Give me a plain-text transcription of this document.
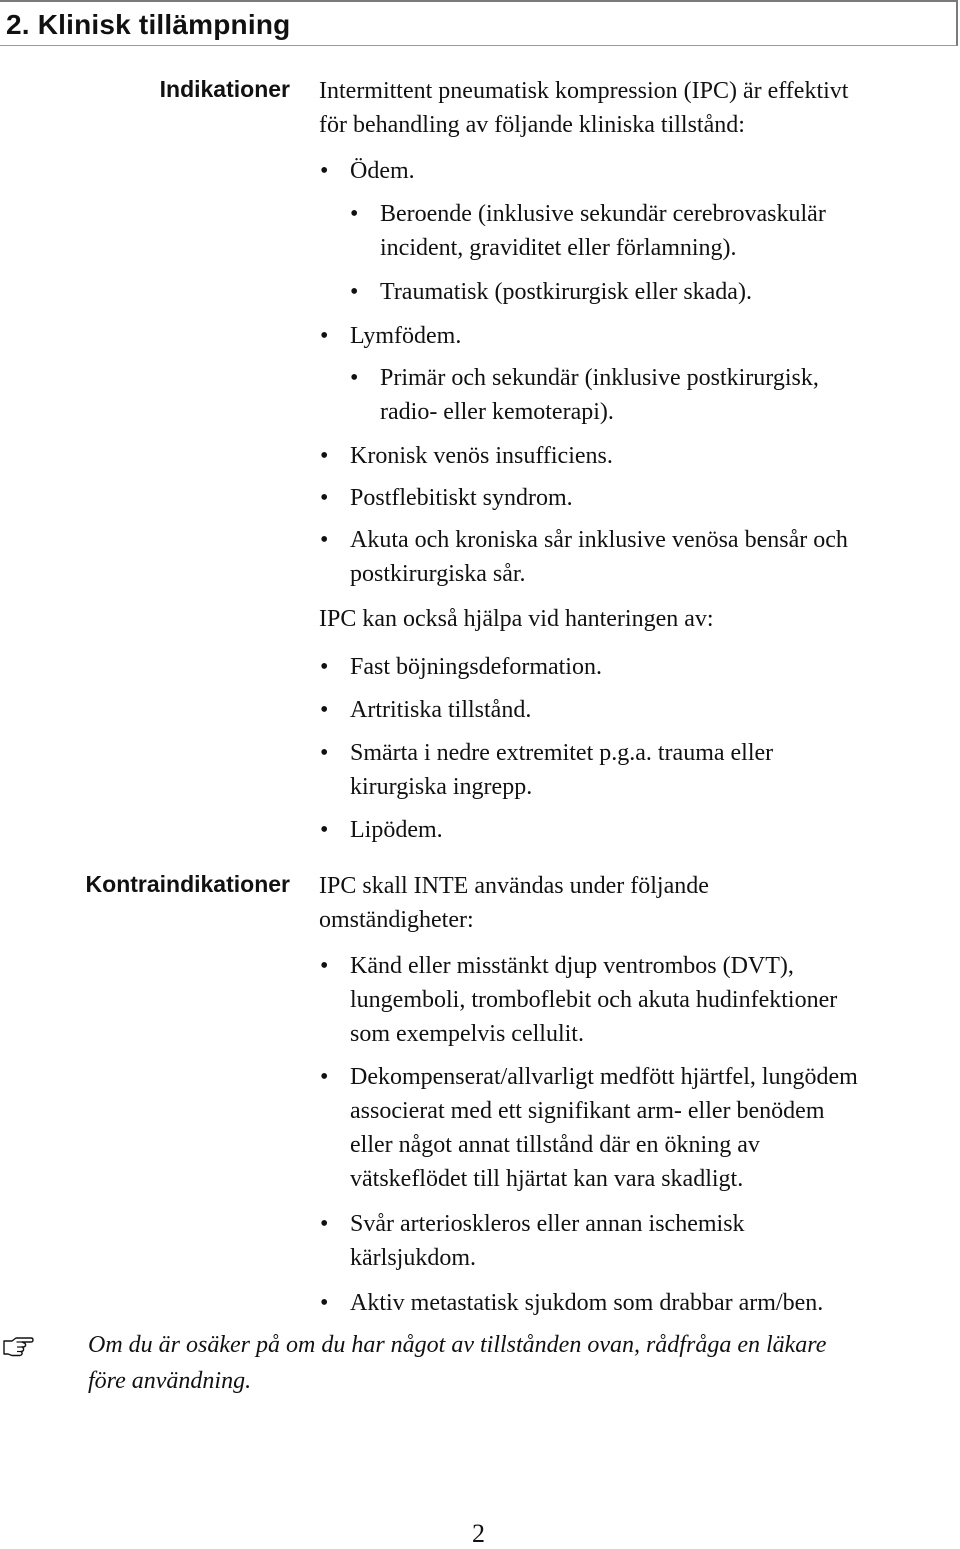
2. Klinisk tillämpning
Indikationer Intermittent pneumatisk kompression (IPC) är effektivt
för behandling av följande kliniska tillstånd:
• Ödem.
• Beroende (inklusive sekundär cerebrovaskulär
incident, graviditet eller förlamning).
• Traumatisk (postkirurgisk eller skada).
• Lymfödem.
• Primär och sekundär (inklusive postkirurgisk,
radio- eller kemoterapi).
• Kronisk venös insufficiens.
• Postflebitiskt syndrom.
• Akuta och kroniska sår inklusive venösa bensår och
postkirurgiska sår.
IPC kan också hjälpa vid hanteringen av:
• Fast böjningsdeformation.
• Artritiska tillstånd.
• Smärta i nedre extremitet p.g.a. trauma eller
kirurgiska ingrepp.
• Lipödem.
Kontraindikationer IPC skall INTE användas under följande
omständigheter:
• Känd eller misstänkt djup ventrombos (DVT),
lungemboli, tromboflebit och akuta hudinfektioner
som exempelvis cellulit.
• Dekompenserat/allvarligt medfött hjärtfel, lungödem
associerat med ett signifikant arm- eller benödem
eller något annat tillstånd där en ökning av
vätskeflödet till hjärtat kan vara skadligt.
• Svår arterioskleros eller annan ischemisk
kärlsjukdom.
• Aktiv metastatisk sjukdom som drabbar arm/ben.
Om du är osäker på om du har något av tillstånden ovan, rådfråga en läkare
före användning.
2
